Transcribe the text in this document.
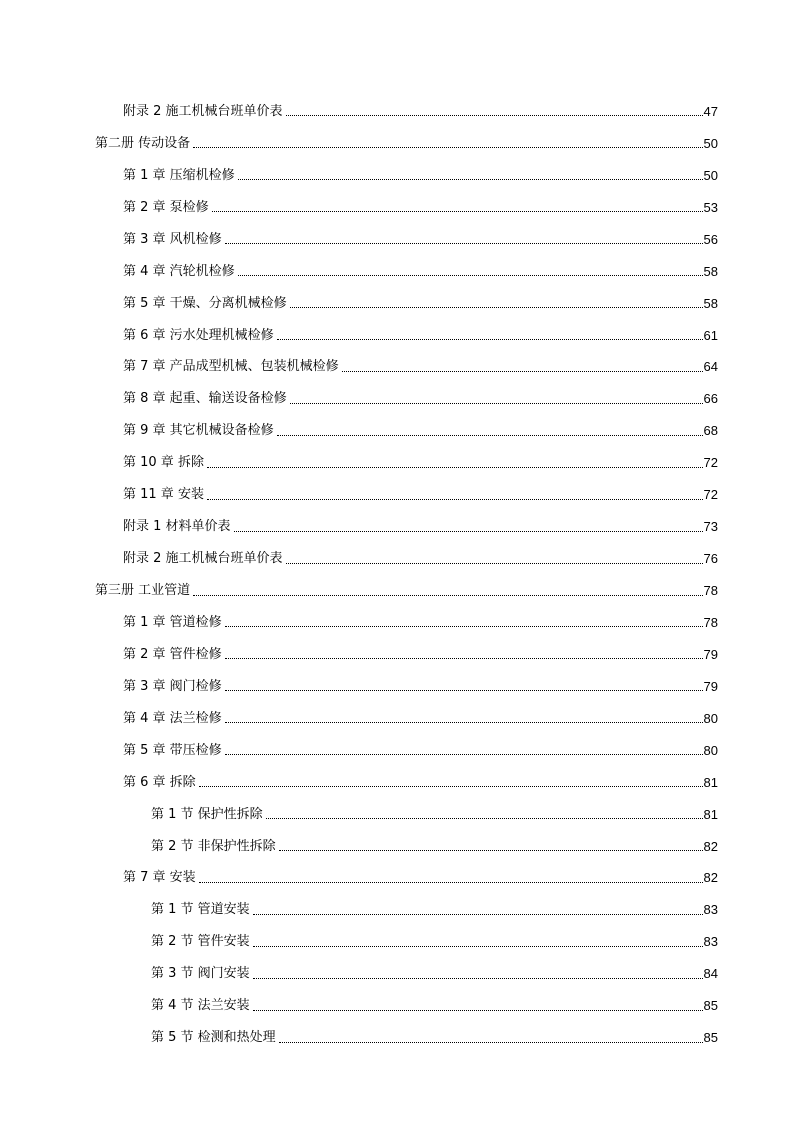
附录 2 施工机械台班单价表	47
第二册 传动设备	50
第 1 章 压缩机检修	50
第 2 章 泵检修	53
第 3 章 风机检修	56
第 4 章 汽轮机检修	58
第 5 章 干燥、分离机械检修	58
第 6 章 污水处理机械检修	61
第 7 章 产品成型机械、包装机械检修	64
第 8 章 起重、输送设备检修	66
第 9 章 其它机械设备检修	68
第 10 章 拆除	72
第 11 章 安装	72
附录 1 材料单价表	73
附录 2 施工机械台班单价表	76
第三册 工业管道	78
第 1 章 管道检修	78
第 2 章 管件检修	79
第 3 章 阀门检修	79
第 4 章 法兰检修	80
第 5 章 带压检修	80
第 6 章 拆除	81
第 1 节 保护性拆除	81
第 2 节 非保护性拆除	82
第 7 章 安装	82
第 1 节 管道安装	83
第 2 节 管件安装	83
第 3 节 阀门安装	84
第 4 节 法兰安装	85
第 5 节 检测和热处理	85
